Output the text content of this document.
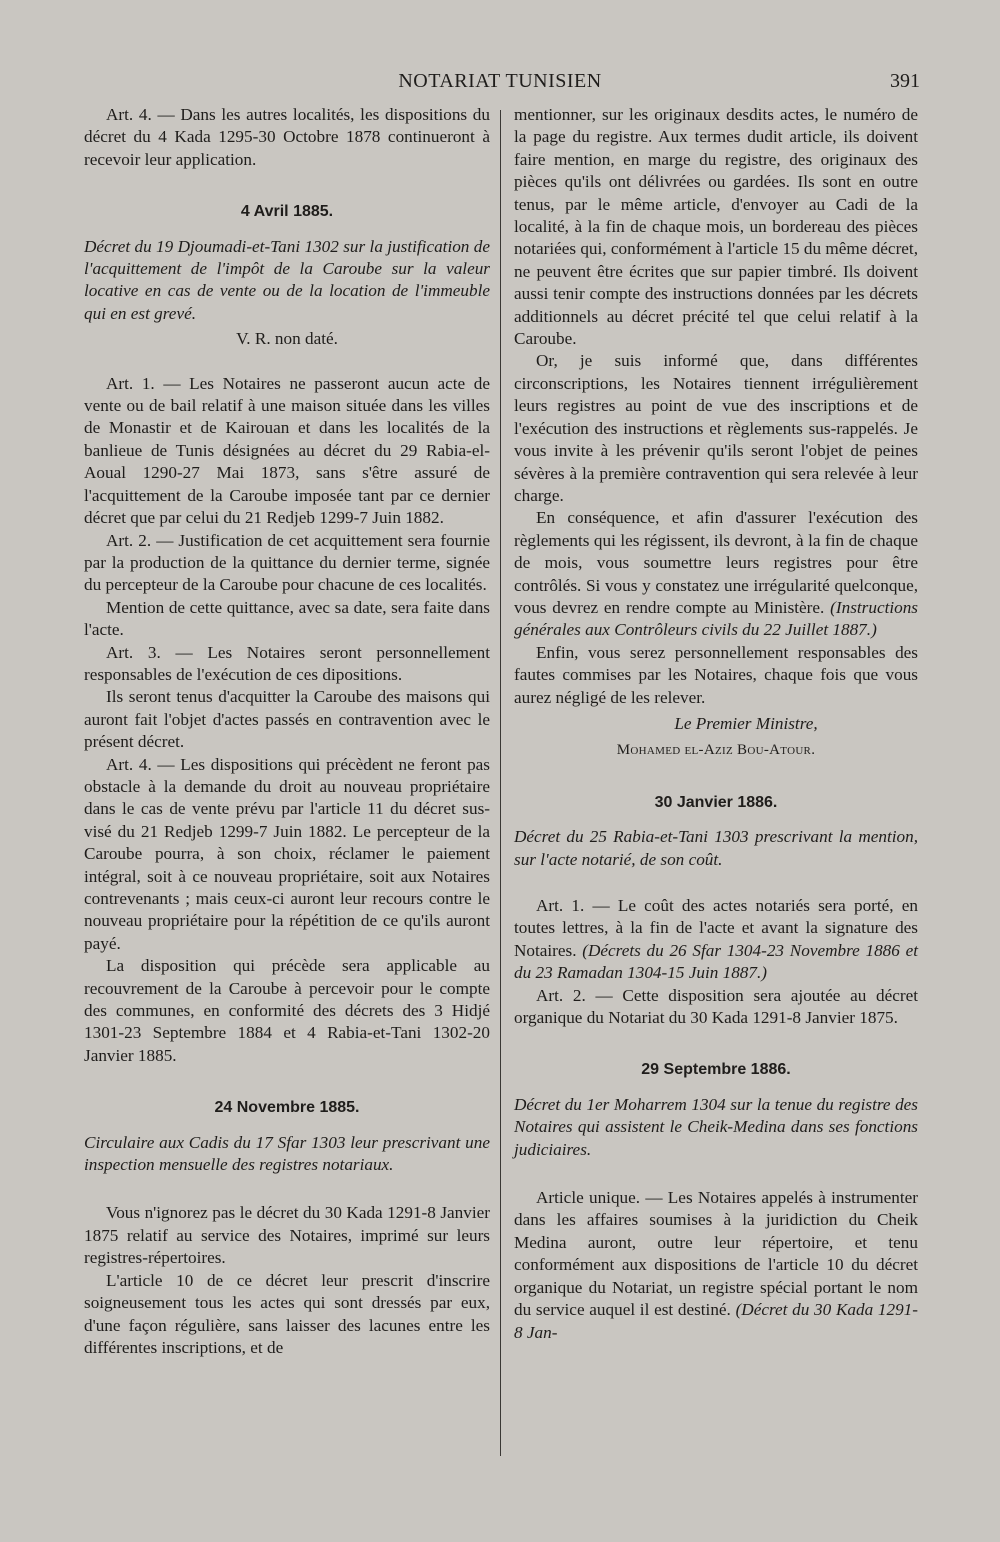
NOTARIAT TUNISIEN	391

Art. 4. — Dans les autres localités, les dispositions du décret du 4 Kada 1295-30 Octobre 1878 continueront à recevoir leur application.

4 Avril 1885.

Décret du 19 Djoumadi-et-Tani 1302 sur la justification de l'acquittement de l'impôt de la Caroube sur la valeur locative en cas de vente ou de la location de l'immeuble qui en est grevé.

V. R. non daté.

Art. 1. — Les Notaires ne passeront aucun acte de vente ou de bail relatif à une maison située dans les villes de Monastir et de Kairouan et dans les localités de la banlieue de Tunis désignées au décret du 29 Rabia-el-Aoual 1290-27 Mai 1873, sans s'être assuré de l'acquittement de la Caroube imposée tant par ce dernier décret que par celui du 21 Redjeb 1299-7 Juin 1882.

Art. 2. — Justification de cet acquittement sera fournie par la production de la quittance du dernier terme, signée du percepteur de la Caroube pour chacune de ces localités.

Mention de cette quittance, avec sa date, sera faite dans l'acte.

Art. 3. — Les Notaires seront personnellement responsables de l'exécution de ces dipositions.

Ils seront tenus d'acquitter la Caroube des maisons qui auront fait l'objet d'actes passés en contravention avec le présent décret.

Art. 4. — Les dispositions qui précèdent ne feront pas obstacle à la demande du droit au nouveau propriétaire dans le cas de vente prévu par l'article 11 du décret sus-visé du 21 Redjeb 1299-7 Juin 1882. Le percepteur de la Caroube pourra, à son choix, réclamer le paiement intégral, soit à ce nouveau propriétaire, soit aux Notaires contrevenants ; mais ceux-ci auront leur recours contre le nouveau propriétaire pour la répétition de ce qu'ils auront payé.

La disposition qui précède sera applicable au recouvrement de la Caroube à percevoir pour le compte des communes, en conformité des décrets des 3 Hidjé 1301-23 Septembre 1884 et 4 Rabia-et-Tani 1302-20 Janvier 1885.

24 Novembre 1885.

Circulaire aux Cadis du 17 Sfar 1303 leur prescrivant une inspection mensuelle des registres notariaux.

Vous n'ignorez pas le décret du 30 Kada 1291-8 Janvier 1875 relatif au service des Notaires, imprimé sur leurs registres-répertoires.

L'article 10 de ce décret leur prescrit d'inscrire soigneusement tous les actes qui sont dressés par eux, d'une façon régulière, sans laisser des lacunes entre les différentes inscriptions, et de

mentionner, sur les originaux desdits actes, le numéro de la page du registre. Aux termes dudit article, ils doivent faire mention, en marge du registre, des originaux des pièces qu'ils ont délivrées ou gardées. Ils sont en outre tenus, par le même article, d'envoyer au Cadi de la localité, à la fin de chaque mois, un bordereau des pièces notariées qui, conformément à l'article 15 du même décret, ne peuvent être écrites que sur papier timbré. Ils doivent aussi tenir compte des instructions données par les décrets additionnels au décret précité tel que celui relatif à la Caroube.

Or, je suis informé que, dans différentes circonscriptions, les Notaires tiennent irrégulièrement leurs registres au point de vue des inscriptions et de l'exécution des instructions et règlements sus-rappelés. Je vous invite à les prévenir qu'ils seront l'objet de peines sévères à la première contravention qui sera relevée à leur charge.

En conséquence, et afin d'assurer l'exécution des règlements qui les régissent, ils devront, à la fin de chaque de mois, vous soumettre leurs registres pour être contrôlés. Si vous y constatez une irrégularité quelconque, vous devrez en rendre compte au Ministère. (Instructions générales aux Contrôleurs civils du 22 Juillet 1887.)

Enfin, vous serez personnellement responsables des fautes commises par les Notaires, chaque fois que vous aurez négligé de les relever.

Le Premier Ministre,

Mohamed el-Aziz Bou-Atour.

30 Janvier 1886.

Décret du 25 Rabia-et-Tani 1303 prescrivant la mention, sur l'acte notarié, de son coût.

Art. 1. — Le coût des actes notariés sera porté, en toutes lettres, à la fin de l'acte et avant la signature des Notaires. (Décrets du 26 Sfar 1304-23 Novembre 1886 et du 23 Ramadan 1304-15 Juin 1887.)

Art. 2. — Cette disposition sera ajoutée au décret organique du Notariat du 30 Kada 1291-8 Janvier 1875.

29 Septembre 1886.

Décret du 1er Moharrem 1304 sur la tenue du registre des Notaires qui assistent le Cheik-Medina dans ses fonctions judiciaires.

Article unique. — Les Notaires appelés à instrumenter dans les affaires soumises à la juridiction du Cheik Medina auront, outre leur répertoire, et tenu conformément aux dispositions de l'article 10 du décret organique du Notariat, un registre spécial portant le nom du service auquel il est destiné. (Décret du 30 Kada 1291-8 Jan-
